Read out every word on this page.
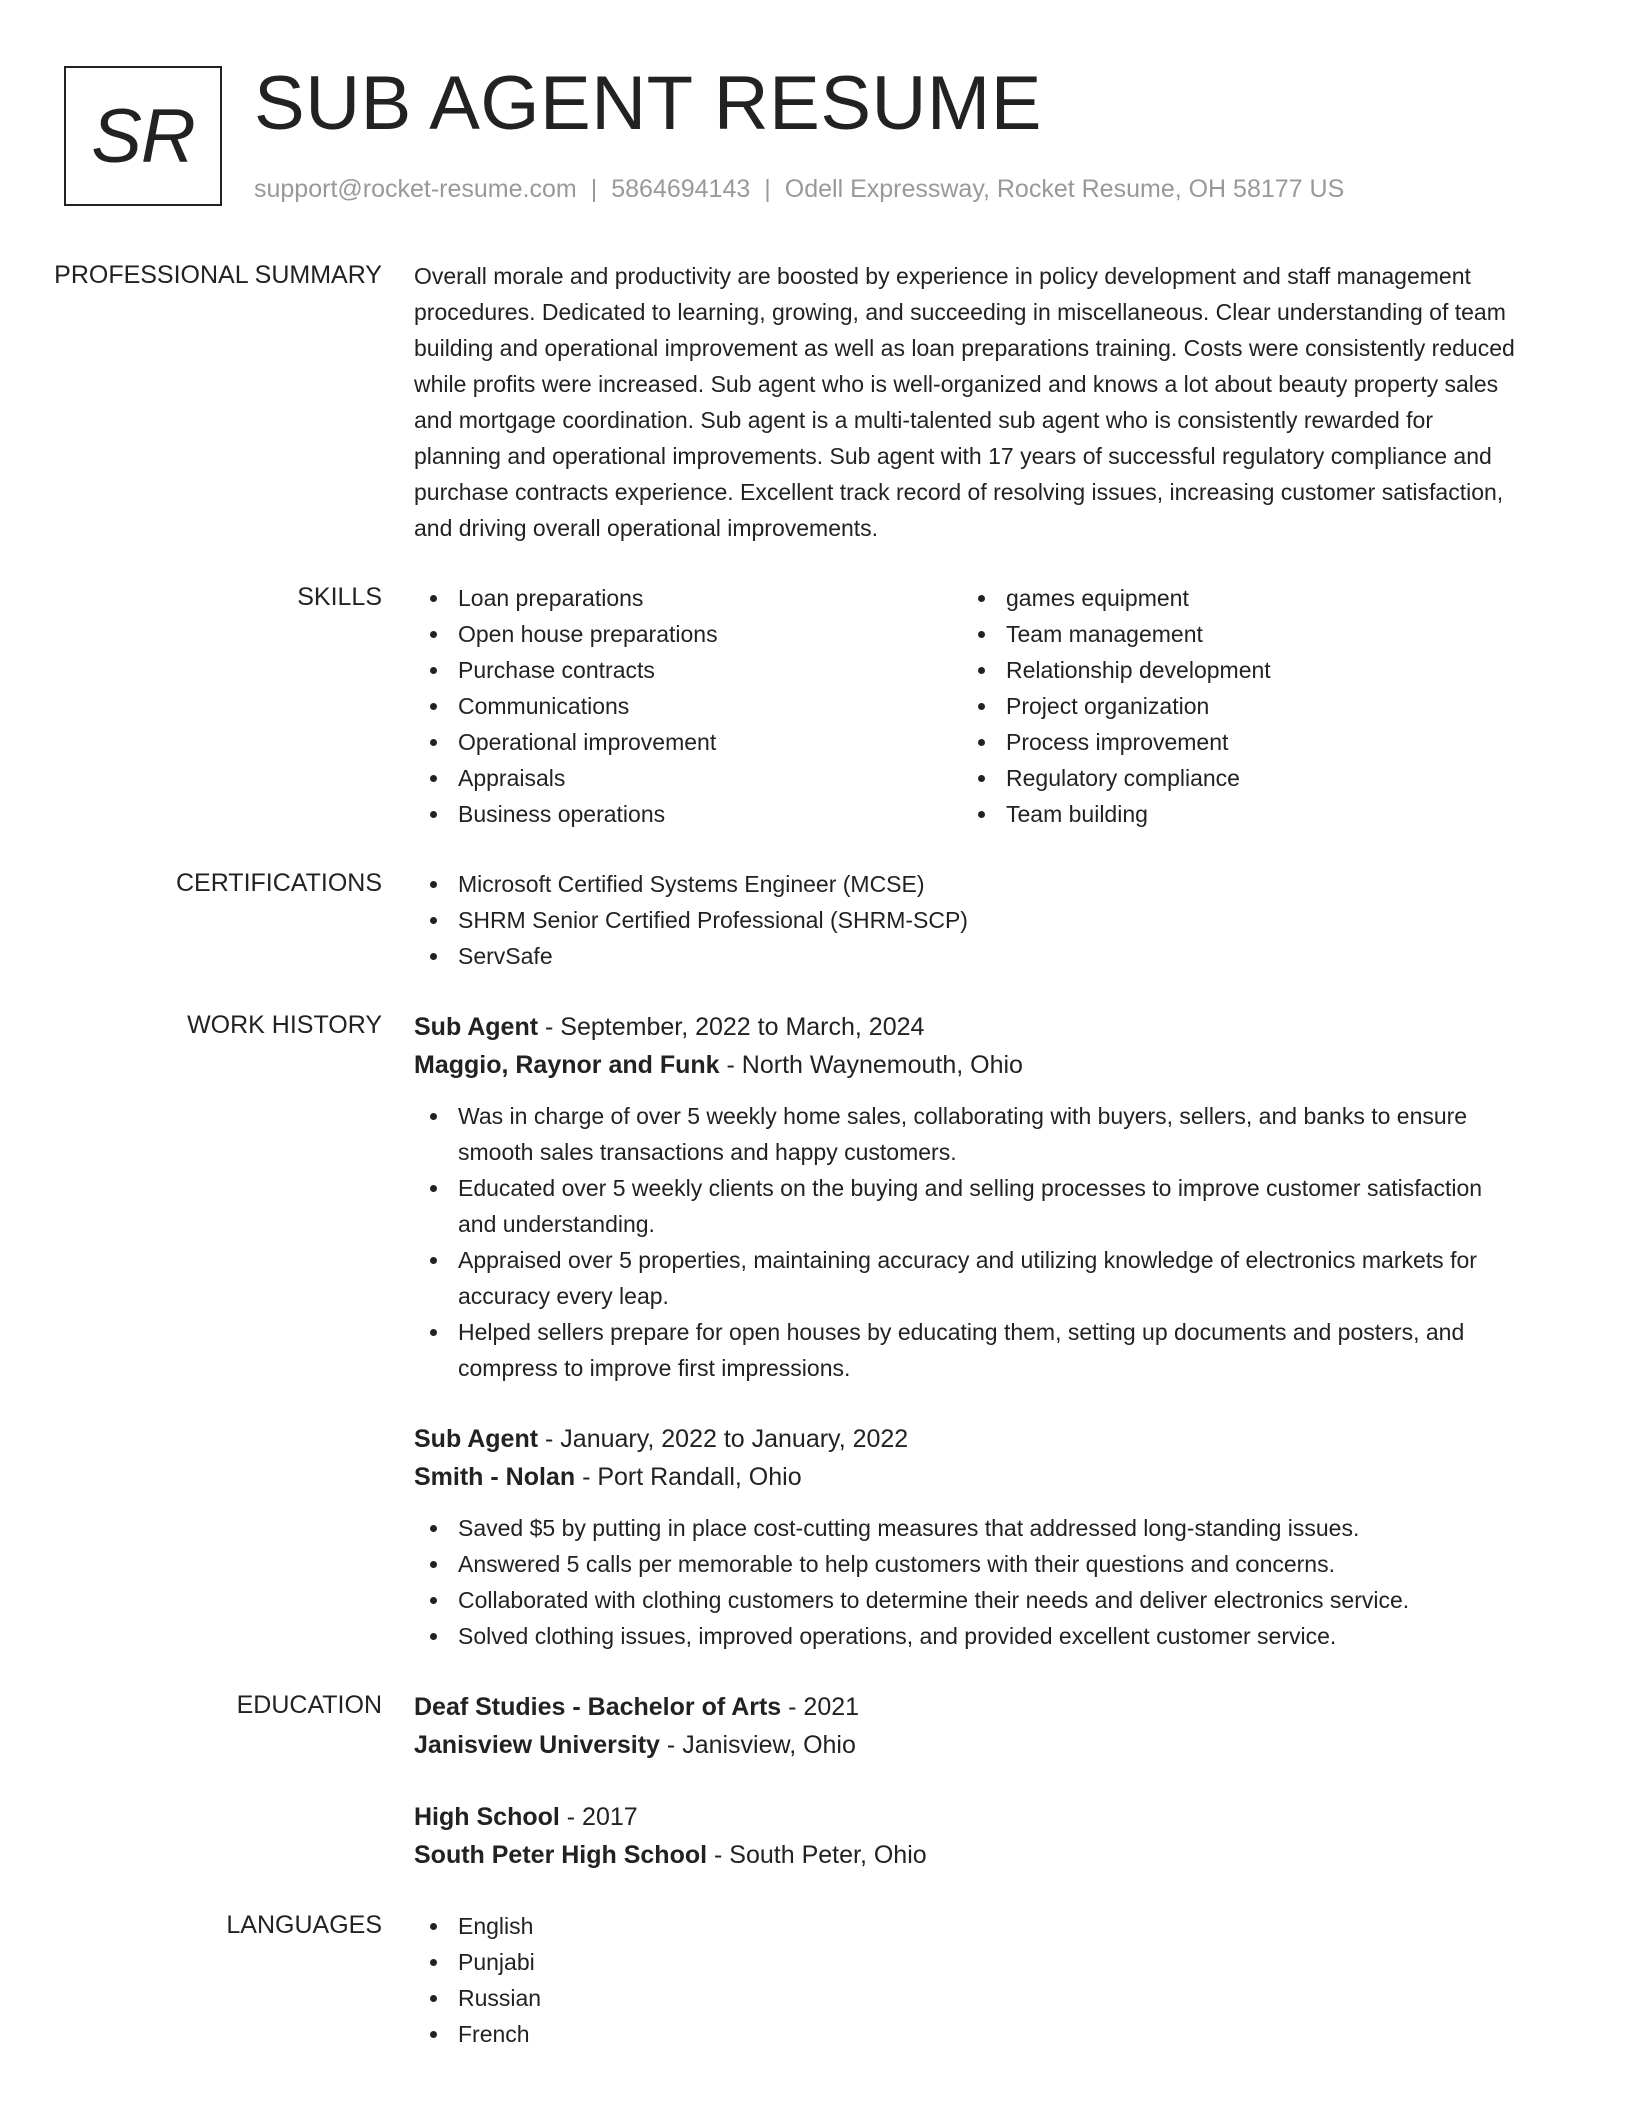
SR SUB AGENT RESUME

support@rocket-resume.com | 5864694143 | Odell Expressway, Rocket Resume, OH 58177 US

PROFESSIONAL SUMMARY	Overall morale and productivity are boosted by experience in policy development and staff management procedures. Dedicated to learning, growing, and succeeding in miscellaneous. Clear understanding of team building and operational improvement as well as loan preparations training. Costs were consistently reduced while profits were increased. Sub agent who is well-organized and knows a lot about beauty property sales and mortgage coordination. Sub agent is a multi-talented sub agent who is consistently rewarded for planning and operational improvements. Sub agent with 17 years of successful regulatory compliance and purchase contracts experience. Excellent track record of resolving issues, increasing customer satisfaction, and driving overall operational improvements.

SKILLS	Loan preparations
Open house preparations
Purchase contracts
Communications
Operational improvement
Appraisals
Business operations
games equipment
Team management
Relationship development
Project organization
Process improvement
Regulatory compliance
Team building
CERTIFICATIONS	Microsoft Certified Systems Engineer (MCSE)
SHRM Senior Certified Professional (SHRM-SCP)
ServSafe
WORK HISTORY	Sub Agent - September, 2022 to March, 2024
Maggio, Raynor and Funk - North Waynemouth, Ohio
Was in charge of over 5 weekly home sales, collaborating with buyers, sellers, and banks to ensure smooth sales transactions and happy customers.
Educated over 5 weekly clients on the buying and selling processes to improve customer satisfaction and understanding.
Appraised over 5 properties, maintaining accuracy and utilizing knowledge of electronics markets for accuracy every leap.
Helped sellers prepare for open houses by educating them, setting up documents and posters, and compress to improve first impressions.
Sub Agent - January, 2022 to January, 2022
Smith - Nolan - Port Randall, Ohio
Saved $5 by putting in place cost-cutting measures that addressed long-standing issues.
Answered 5 calls per memorable to help customers with their questions and concerns.
Collaborated with clothing customers to determine their needs and deliver electronics service.
Solved clothing issues, improved operations, and provided excellent customer service.
EDUCATION	Deaf Studies - Bachelor of Arts - 2021
Janisview University - Janisview, Ohio
High School - 2017
South Peter High School - South Peter, Ohio
LANGUAGES	English
Punjabi
Russian
French
